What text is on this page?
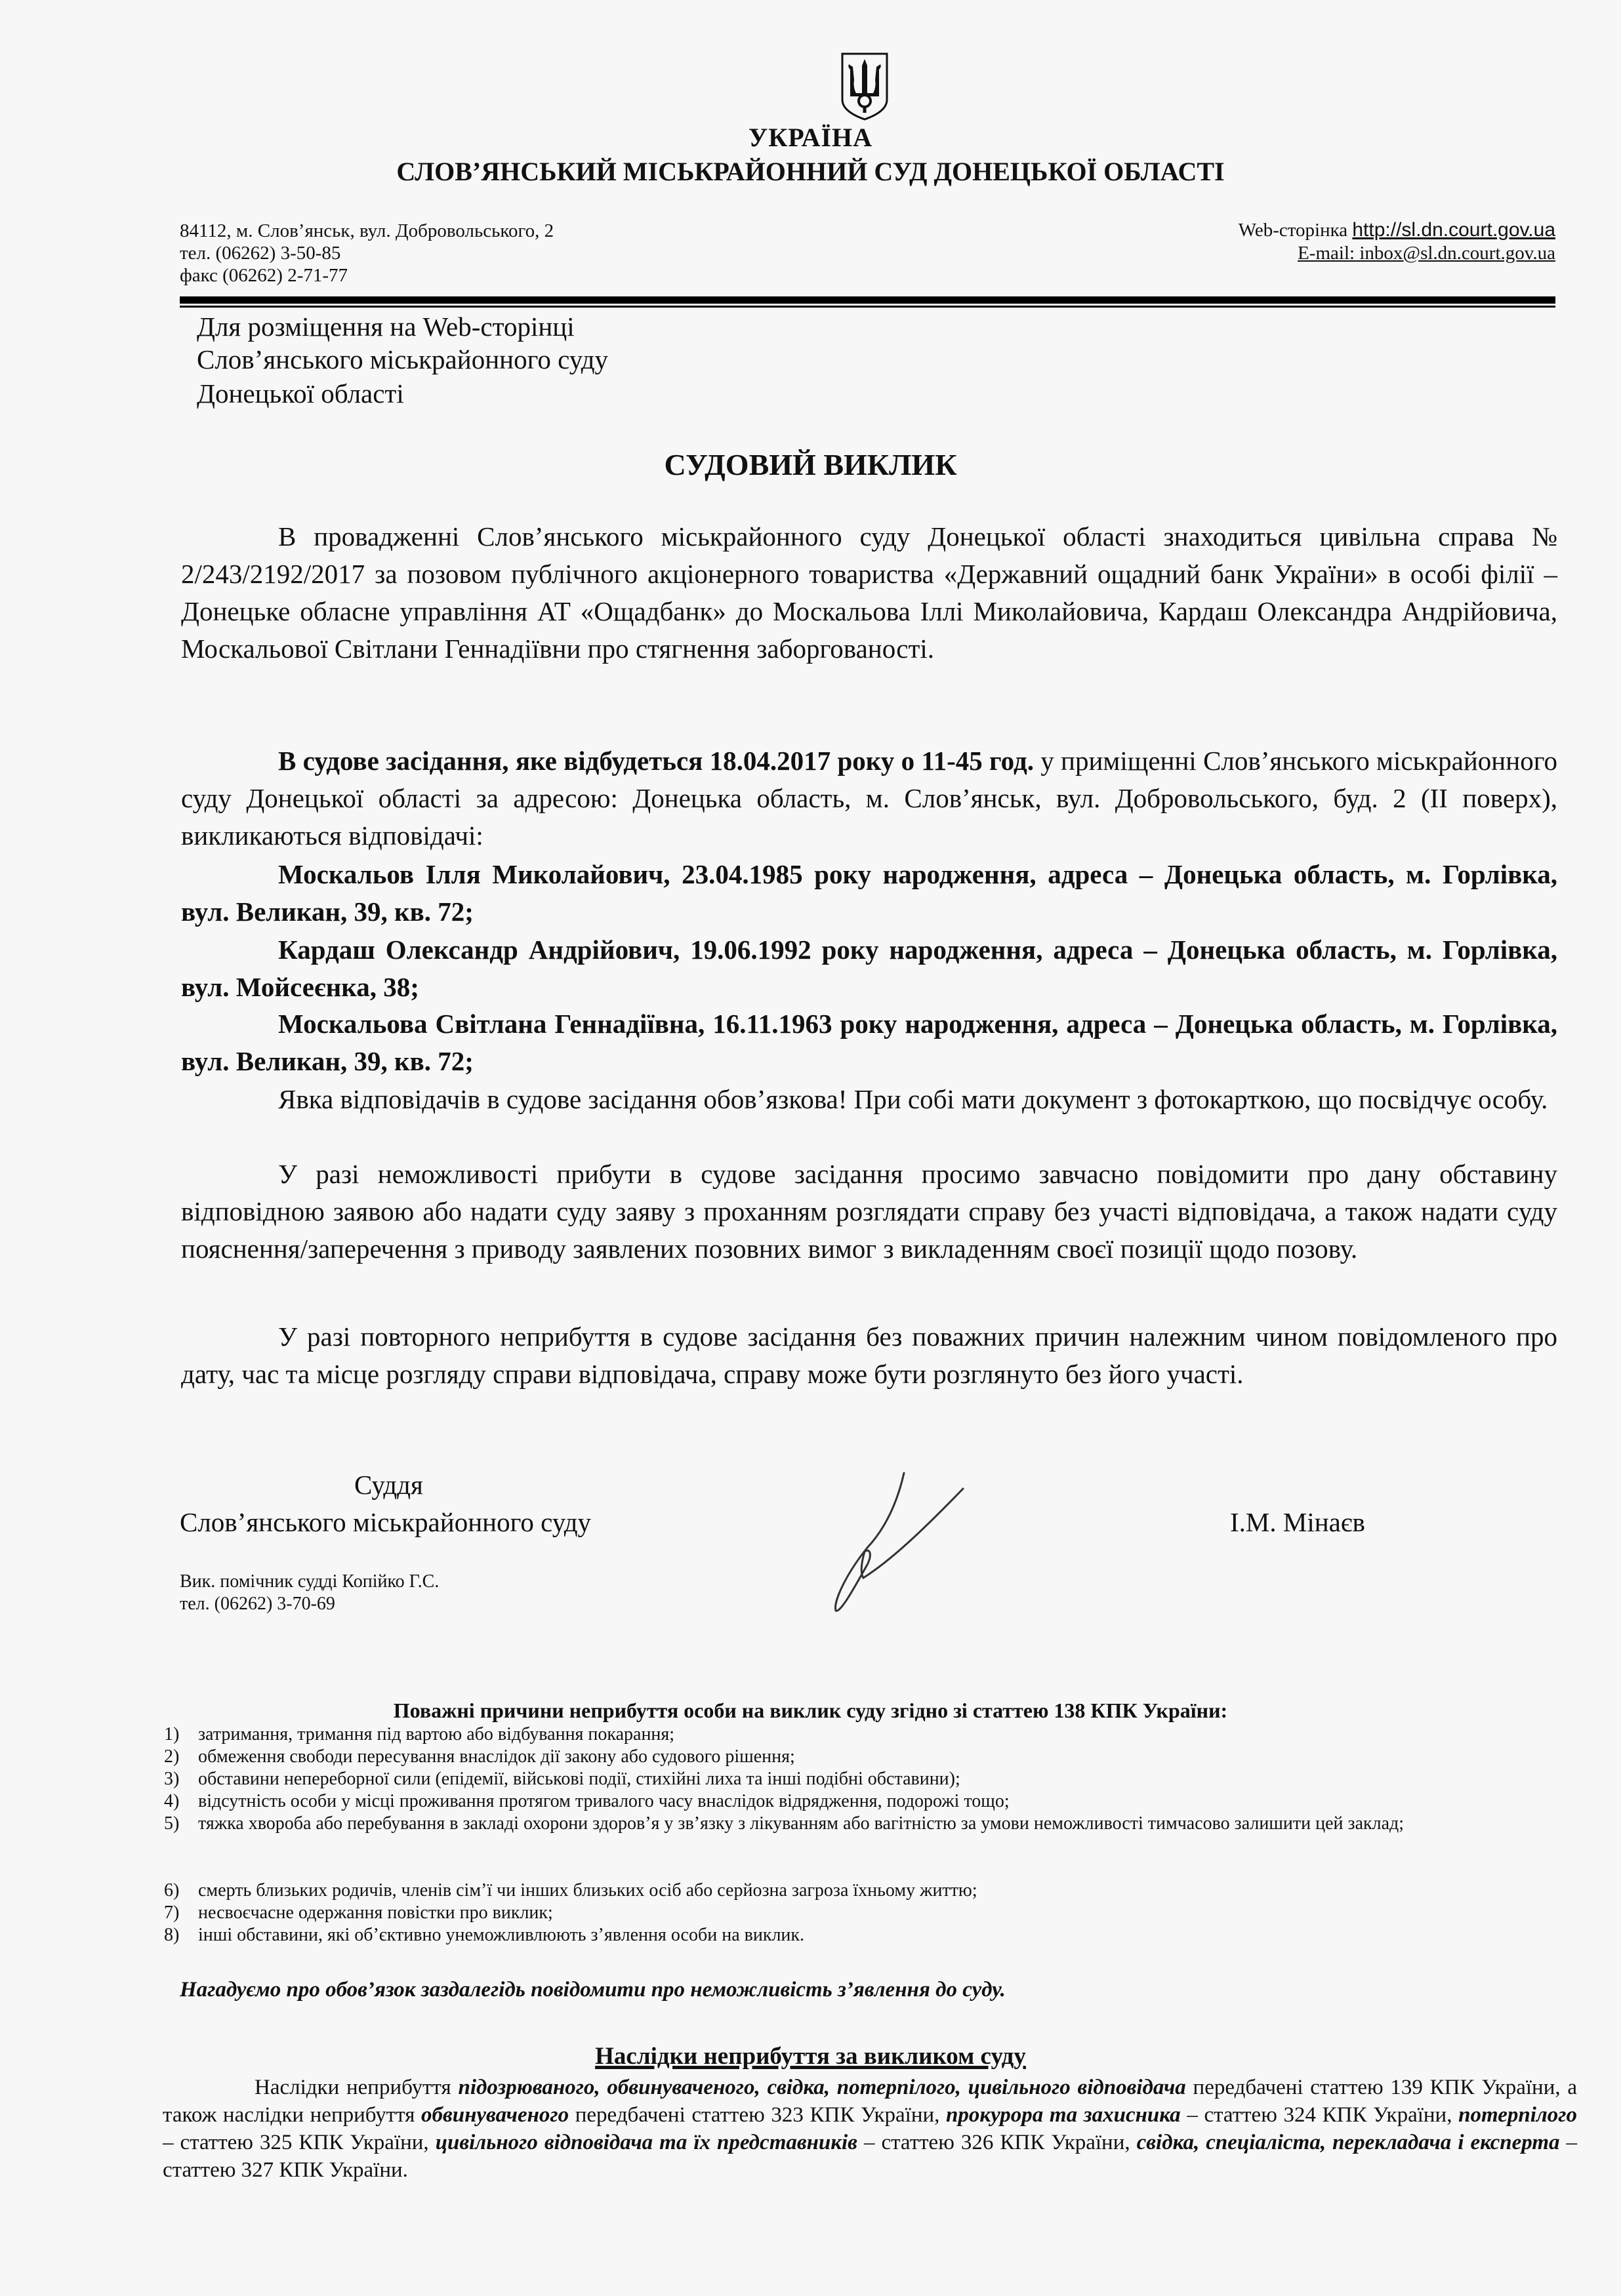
УКРАЇНА
СЛОВ’ЯНСЬКИЙ МІСЬКРАЙОННИЙ СУД ДОНЕЦЬКОЇ ОБЛАСТІ
84112, м. Слов’янськ, вул. Добровольського, 2
тел. (06262) 3-50-85
факс (06262) 2-71-77
Web-сторінка http://sl.dn.court.gov.ua
E-mail: inbox@sl.dn.court.gov.ua
Для розміщення на Web-сторінці
Слов’янського міськрайонного суду
Донецької області
СУДОВИЙ ВИКЛИК
В провадженні Слов’янського міськрайонного суду Донецької області знаходиться цивільна справа № 2/243/2192/2017 за позовом публічного акціонерного товариства «Державний ощадний банк України» в особі філії – Донецьке обласне управління АТ «Ощадбанк» до Москальова Іллі Миколайовича, Кардаш Олександра Андрійовича, Москальової Світлани Геннадіївни про стягнення заборгованості.
В судове засідання, яке відбудеться 18.04.2017 року о 11-45 год. у приміщенні Слов’янського міськрайонного суду Донецької області за адресою: Донецька область, м. Слов’янськ, вул. Добровольського, буд. 2 (ІІ поверх), викликаються відповідачі:
Москальов Ілля Миколайович, 23.04.1985 року народження, адреса – Донецька область, м. Горлівка, вул. Великан, 39, кв. 72;
Кардаш Олександр Андрійович, 19.06.1992 року народження, адреса – Донецька область, м. Горлівка, вул. Мойсеєнка, 38;
Москальова Світлана Геннадіївна, 16.11.1963 року народження, адреса – Донецька область, м. Горлівка, вул. Великан, 39, кв. 72;
Явка відповідачів в судове засідання обов’язкова! При собі мати документ з фотокарткою, що посвідчує особу.
У разі неможливості прибути в судове засідання просимо завчасно повідомити про дану обставину відповідною заявою або надати суду заяву з проханням розглядати справу без участі відповідача, а також надати суду пояснення/заперечення з приводу заявлених позовних вимог з викладенням своєї позиції щодо позову.
У разі повторного неприбуття в судове засідання без поважних причин належним чином повідомленого про дату, час та місце розгляду справи відповідача, справу може бути розглянуто без його участі.
Суддя
Слов’янського міськрайонного суду	І.М. Мінаєв
Вик. помічник судді Копійко Г.С.
тел. (06262) 3-70-69
Поважні причини неприбуття особи на виклик суду згідно зі статтею 138 КПК України:
1) затримання, тримання під вартою або відбування покарання;
2) обмеження свободи пересування внаслідок дії закону або судового рішення;
3) обставини непереборної сили (епідемії, військові події, стихійні лиха та інші подібні обставини);
4) відсутність особи у місці проживання протягом тривалого часу внаслідок відрядження, подорожі тощо;
5) тяжка хвороба або перебування в закладі охорони здоров’я у зв’язку з лікуванням або вагітністю за умови неможливості тимчасово залишити цей заклад;
6) смерть близьких родичів, членів сім’ї чи інших близьких осіб або серйозна загроза їхньому життю;
7) несвоєчасне одержання повістки про виклик;
8) інші обставини, які об’єктивно унеможливлюють з’явлення особи на виклик.
Нагадуємо про обов’язок заздалегідь повідомити про неможливість з’явлення до суду.
Наслідки неприбуття за викликом суду
Наслідки неприбуття підозрюваного, обвинуваченого, свідка, потерпілого, цивільного відповідача передбачені статтею 139 КПК України, а також наслідки неприбуття обвинуваченого передбачені статтею 323 КПК України, прокурора та захисника – статтею 324 КПК України, потерпілого – статтею 325 КПК України, цивільного відповідача та їх представників – статтею 326 КПК України, свідка, спеціаліста, перекладача і експерта – статтею 327 КПК України.
